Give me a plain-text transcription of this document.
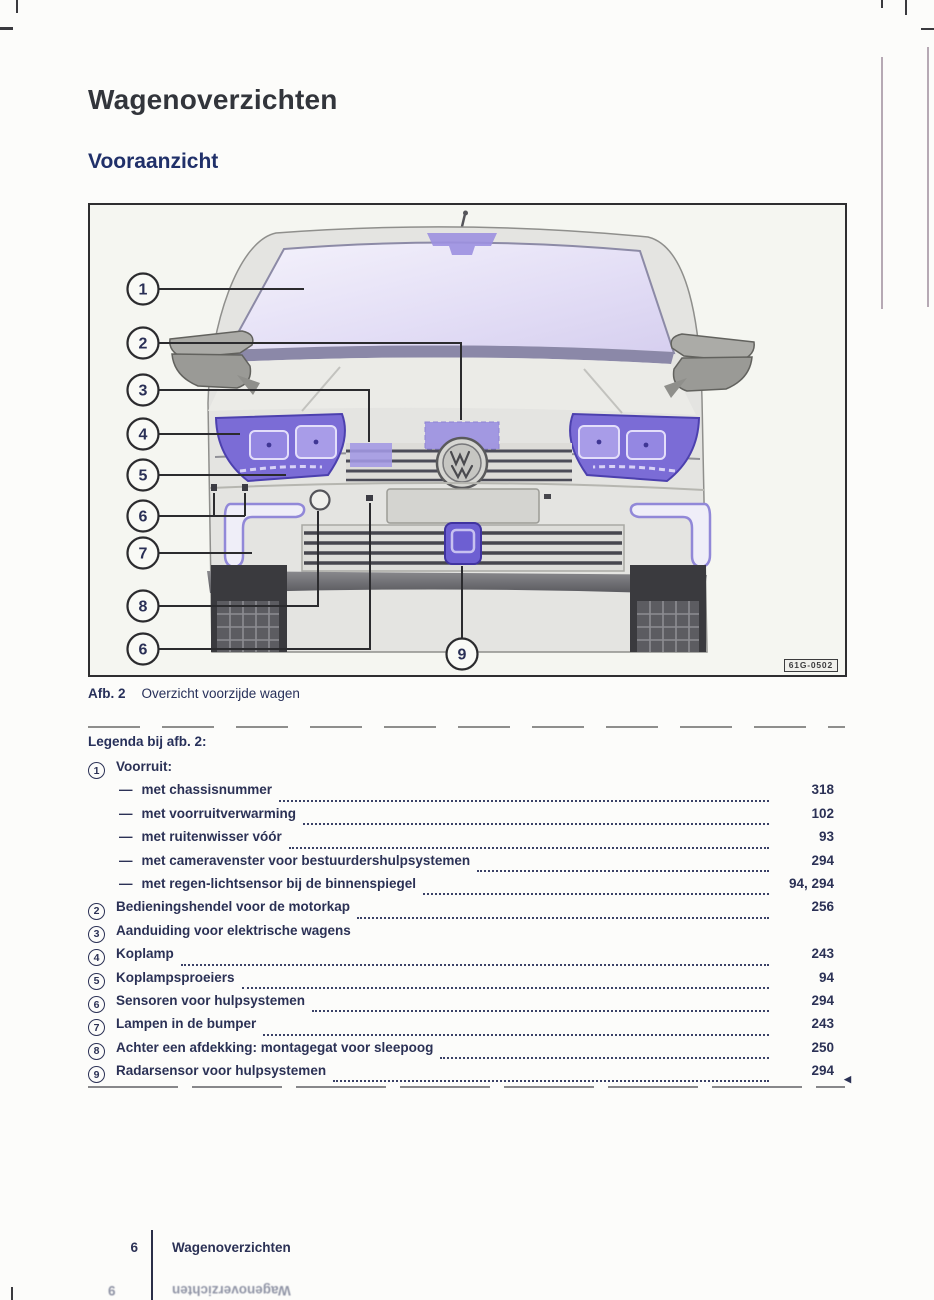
Wagenoverzichten
Vooraanzicht
1
2
3
4
5
6
7
8
6	9
61G-0502
Afb. 2 Overzicht voorzijde wagen
Legenda bij afb. 2:
1	Voorruit:
— met chassisnummer	318
— met voorruitverwarming	102
— met ruitenwisser vóór	93
— met cameravenster voor bestuurdershulpsystemen	294
— met regen-lichtsensor bij de binnenspiegel	94, 294
2	Bedieningshendel voor de motorkap	256
3	Aanduiding voor elektrische wagens
4	Koplamp	243
5	Koplampsproeiers	94
6	Sensoren voor hulpsystemen	294
7	Lampen in de bumper	243
8	Achter een afdekking: montagegat voor sleepoog	250
9	Radarsensor voor hulpsystemen	294
◀
6	Wagenoverzichten
9	Wagenoverzichten
